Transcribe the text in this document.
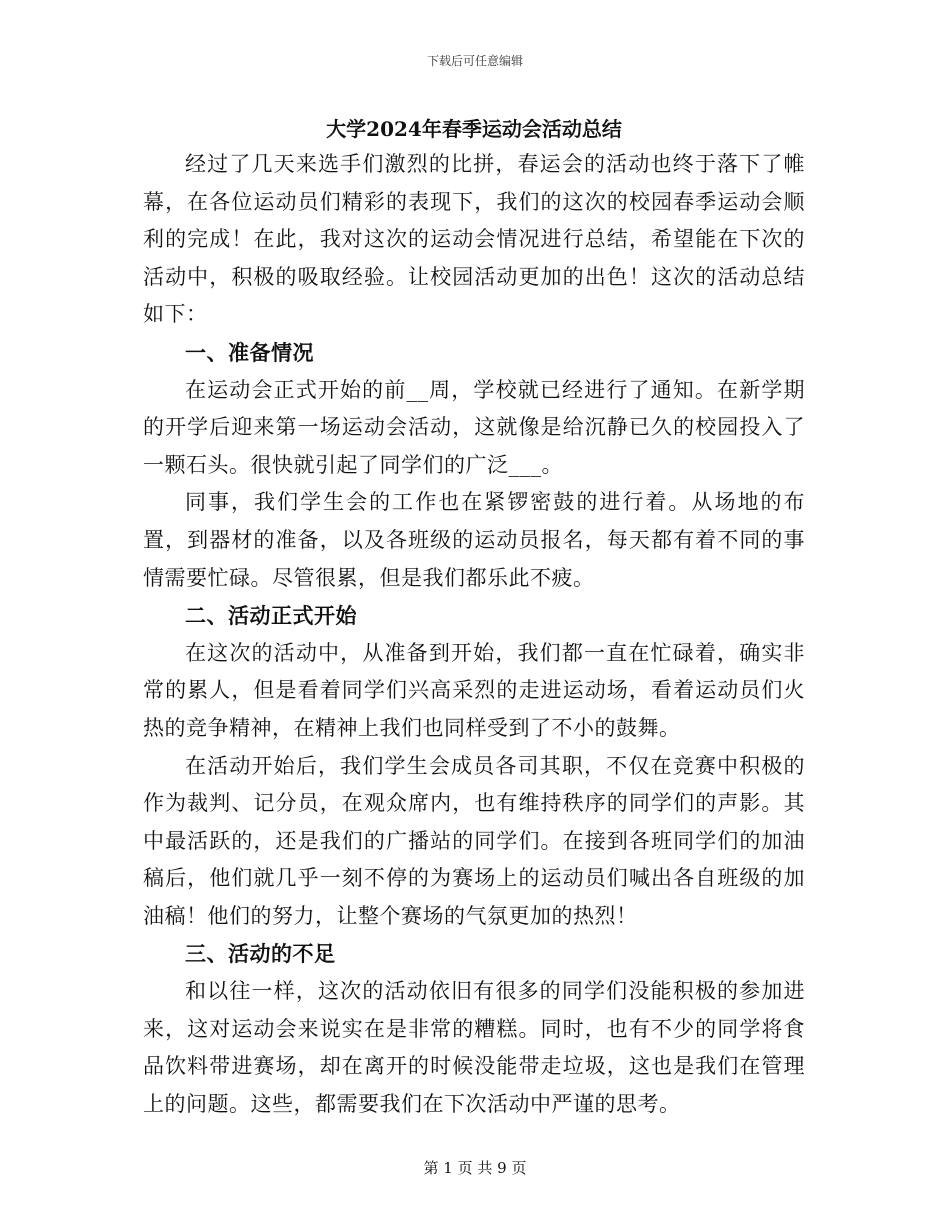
下载后可任意编辑
大学2024年春季运动会活动总结

经过了几天来选手们激烈的比拼，春运会的活动也终于落下了帷幕，在各位运动员们精彩的表现下，我们的这次的校园春季运动会顺利的完成！在此，我对这次的运动会情况进行总结，希望能在下次的活动中，积极的吸取经验。让校园活动更加的出色！这次的活动总结如下：

一、准备情况

在运动会正式开始的前__周，学校就已经进行了通知。在新学期的开学后迎来第一场运动会活动，这就像是给沉静已久的校园投入了一颗石头。很快就引起了同学们的广泛___。

同事，我们学生会的工作也在紧锣密鼓的进行着。从场地的布置，到器材的准备，以及各班级的运动员报名，每天都有着不同的事情需要忙碌。尽管很累，但是我们都乐此不疲。

二、活动正式开始

在这次的活动中，从准备到开始，我们都一直在忙碌着，确实非常的累人，但是看着同学们兴高采烈的走进运动场，看着运动员们火热的竞争精神，在精神上我们也同样受到了不小的鼓舞。

在活动开始后，我们学生会成员各司其职，不仅在竞赛中积极的作为裁判、记分员，在观众席内，也有维持秩序的同学们的声影。其中最活跃的，还是我们的广播站的同学们。在接到各班同学们的加油稿后，他们就几乎一刻不停的为赛场上的运动员们喊出各自班级的加油稿！他们的努力，让整个赛场的气氛更加的热烈！

三、活动的不足

和以往一样，这次的活动依旧有很多的同学们没能积极的参加进来，这对运动会来说实在是非常的糟糕。同时，也有不少的同学将食品饮料带进赛场，却在离开的时候没能带走垃圾，这也是我们在管理上的问题。这些，都需要我们在下次活动中严谨的思考。

第 1 页 共 9 页
